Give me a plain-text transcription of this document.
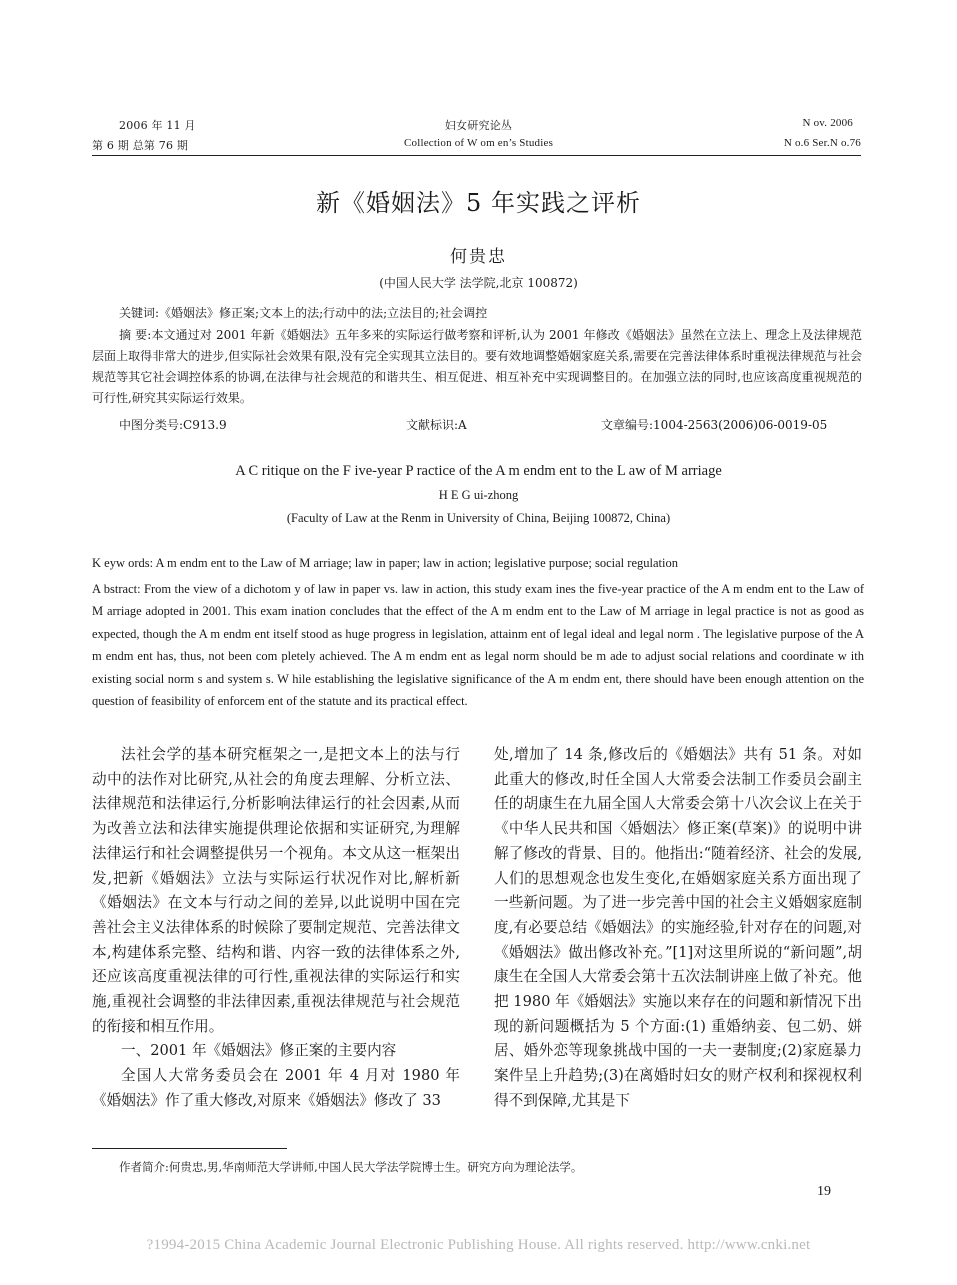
2006 年 11 月
第 6 期 总第 76 期
妇女研究论丛
Collection of W om en’s Studies
N ov. 2006
N o.6 Ser.N o.76
新《婚姻法》5 年实践之评析
何贵忠
(中国人民大学 法学院,北京 100872)
关键词:《婚姻法》修正案;文本上的法;行动中的法;立法目的;社会调控
摘 要:本文通过对 2001 年新《婚姻法》五年多来的实际运行做考察和评析,认为 2001 年修改《婚姻法》虽然在立法上、理念上及法律规范层面上取得非常大的进步,但实际社会效果有限,没有完全实现其立法目的。要有效地调整婚姻家庭关系,需要在完善法律体系时重视法律规范与社会规范等其它社会调控体系的协调,在法律与社会规范的和谐共生、相互促进、相互补充中实现调整目的。在加强立法的同时,也应该高度重视规范的可行性,研究其实际运行效果。
中图分类号:C913.9	文献标识:A	文章编号:1004-2563(2006)06-0019-05
A C ritique on the F ive-year P ractice of the A m endm ent to the L aw of M arriage
H E G ui-zhong
(Faculty of Law at the Renm in University of China, Beijing 100872, China)
K eyw ords: A m endm ent to the Law of M arriage; law in paper; law in action; legislative purpose; social regulation
A bstract: From the view of a dichotom y of law in paper vs. law in action, this study exam ines the five-year practice of the A m endm ent to the Law of M arriage adopted in 2001. This exam ination concludes that the effect of the A m endm ent to the Law of M arriage in legal practice is not as good as expected, though the A m endm ent itself stood as huge progress in legislation, attainm ent of legal ideal and legal norm . The legislative purpose of the A m endm ent has, thus, not been com pletely achieved. The A m endm ent as legal norm should be m ade to adjust social relations and coordinate w ith existing social norm s and system s. W hile establishing the legislative significance of the A m endm ent, there should have been enough attention on the question of feasibility of enforcem ent of the statute and its practical effect.

法社会学的基本研究框架之一,是把文本上的法与行动中的法作对比研究,从社会的角度去理解、分析立法、法律规范和法律运行,分析影响法律运行的社会因素,从而为改善立法和法律实施提供理论依据和实证研究,为理解法律运行和社会调整提供另一个视角。本文从这一框架出发,把新《婚姻法》立法与实际运行状况作对比,解析新《婚姻法》在文本与行动之间的差异,以此说明中国在完善社会主义法律体系的时候除了要制定规范、完善法律文本,构建体系完整、结构和谐、内容一致的法律体系之外,还应该高度重视法律的可行性,重视法律的实际运行和实施,重视社会调整的非法律因素,重视法律规范与社会规范的衔接和相互作用。

一、2001 年《婚姻法》修正案的主要内容

全国人大常务委员会在 2001 年 4 月对 1980 年《婚姻法》作了重大修改,对原来《婚姻法》修改了 33

处,增加了 14 条,修改后的《婚姻法》共有 51 条。对如此重大的修改,时任全国人大常委会法制工作委员会副主任的胡康生在九届全国人大常委会第十八次会议上在关于《中华人民共和国〈婚姻法〉修正案(草案)》的说明中讲解了修改的背景、目的。他指出:“随着经济、社会的发展,人们的思想观念也发生变化,在婚姻家庭关系方面出现了一些新问题。为了进一步完善中国的社会主义婚姻家庭制度,有必要总结《婚姻法》的实施经验,针对存在的问题,对《婚姻法》做出修改补充。”[1]对这里所说的“新问题”,胡康生在全国人大常委会第十五次法制讲座上做了补充。他把 1980 年《婚姻法》实施以来存在的问题和新情况下出现的新问题概括为 5 个方面:(1) 重婚纳妾、包二奶、姘居、婚外恋等现象挑战中国的一夫一妻制度;(2)家庭暴力案件呈上升趋势;(3)在离婚时妇女的财产权利和探视权利得不到保障,尤其是下

作者简介:何贵忠,男,华南师范大学讲师,中国人民大学法学院博士生。研究方向为理论法学。
19
?1994-2015 China Academic Journal Electronic Publishing House. All rights reserved. http://www.cnki.net
